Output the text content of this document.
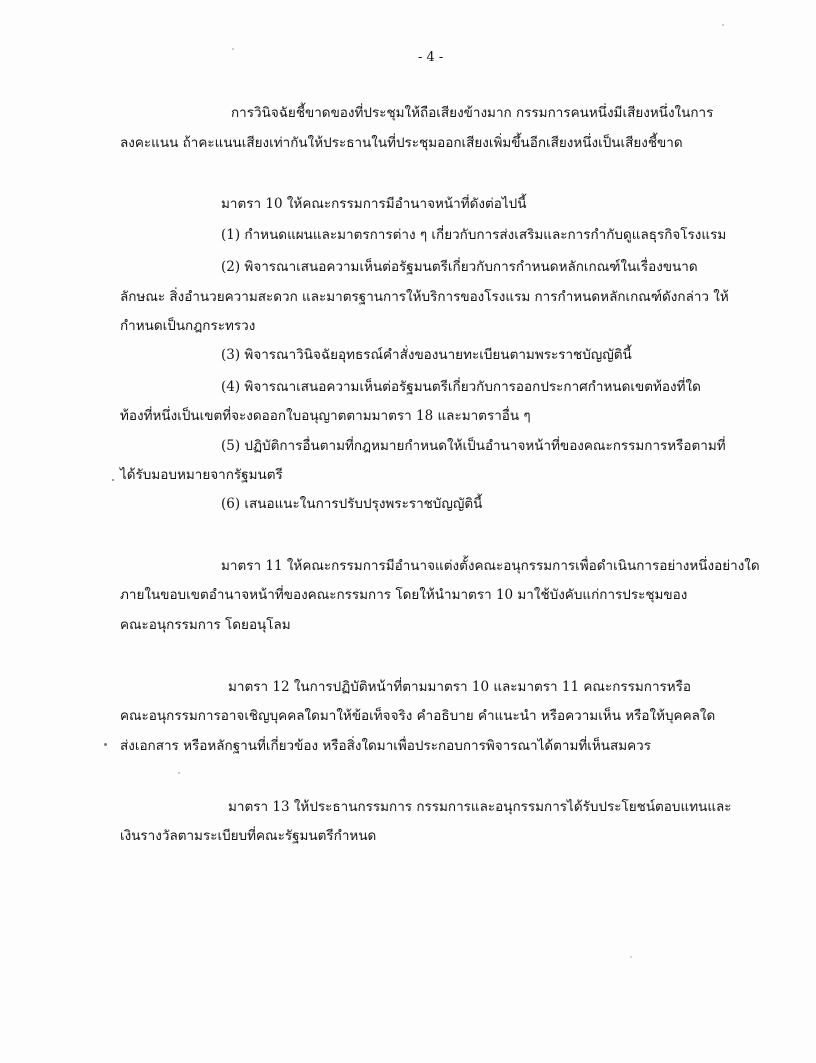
- 4 -
การวินิจฉัยชี้ขาดของที่ประชุมให้ถือเสียงข้างมาก กรรมการคนหนึ่งมีเสียงหนึ่งในการ
ลงคะแนน ถ้าคะแนนเสียงเท่ากันให้ประธานในที่ประชุมออกเสียงเพิ่มขึ้นอีกเสียงหนึ่งเป็นเสียงชี้ขาด
มาตรา 10 ให้คณะกรรมการมีอำนาจหน้าที่ดังต่อไปนี้
(1) กำหนดแผนและมาตรการต่าง ๆ เกี่ยวกับการส่งเสริมและการกำกับดูแลธุรกิจโรงแรม
(2) พิจารณาเสนอความเห็นต่อรัฐมนตรีเกี่ยวกับการกำหนดหลักเกณฑ์ในเรื่องขนาด
ลักษณะ สิ่งอำนวยความสะดวก และมาตรฐานการให้บริการของโรงแรม การกำหนดหลักเกณฑ์ดังกล่าว ให้
กำหนดเป็นกฎกระทรวง
(3) พิจารณาวินิจฉัยอุทธรณ์คำสั่งของนายทะเบียนตามพระราชบัญญัตินี้
(4) พิจารณาเสนอความเห็นต่อรัฐมนตรีเกี่ยวกับการออกประกาศกำหนดเขตท้องที่ใด
ท้องที่หนึ่งเป็นเขตที่จะงดออกใบอนุญาตตามมาตรา 18 และมาตราอื่น ๆ
(5) ปฏิบัติการอื่นตามที่กฎหมายกำหนดให้เป็นอำนาจหน้าที่ของคณะกรรมการหรือตามที่
ได้รับมอบหมายจากรัฐมนตรี
(6) เสนอแนะในการปรับปรุงพระราชบัญญัตินี้
มาตรา 11 ให้คณะกรรมการมีอำนาจแต่งตั้งคณะอนุกรรมการเพื่อดำเนินการอย่างหนึ่งอย่างใด
ภายในขอบเขตอำนาจหน้าที่ของคณะกรรมการ โดยให้นำมาตรา 10 มาใช้บังคับแก่การประชุมของ
คณะอนุกรรมการ โดยอนุโลม
มาตรา 12 ในการปฏิบัติหน้าที่ตามมาตรา 10 และมาตรา 11 คณะกรรมการหรือ
คณะอนุกรรมการอาจเชิญบุคคลใดมาให้ข้อเท็จจริง คำอธิบาย คำแนะนำ หรือความเห็น หรือให้บุคคลใด
ส่งเอกสาร หรือหลักฐานที่เกี่ยวข้อง หรือสิ่งใดมาเพื่อประกอบการพิจารณาได้ตามที่เห็นสมควร
มาตรา 13 ให้ประธานกรรมการ กรรมการและอนุกรรมการได้รับประโยชน์ตอบแทนและ
เงินรางวัลตามระเบียบที่คณะรัฐมนตรีกำหนด
